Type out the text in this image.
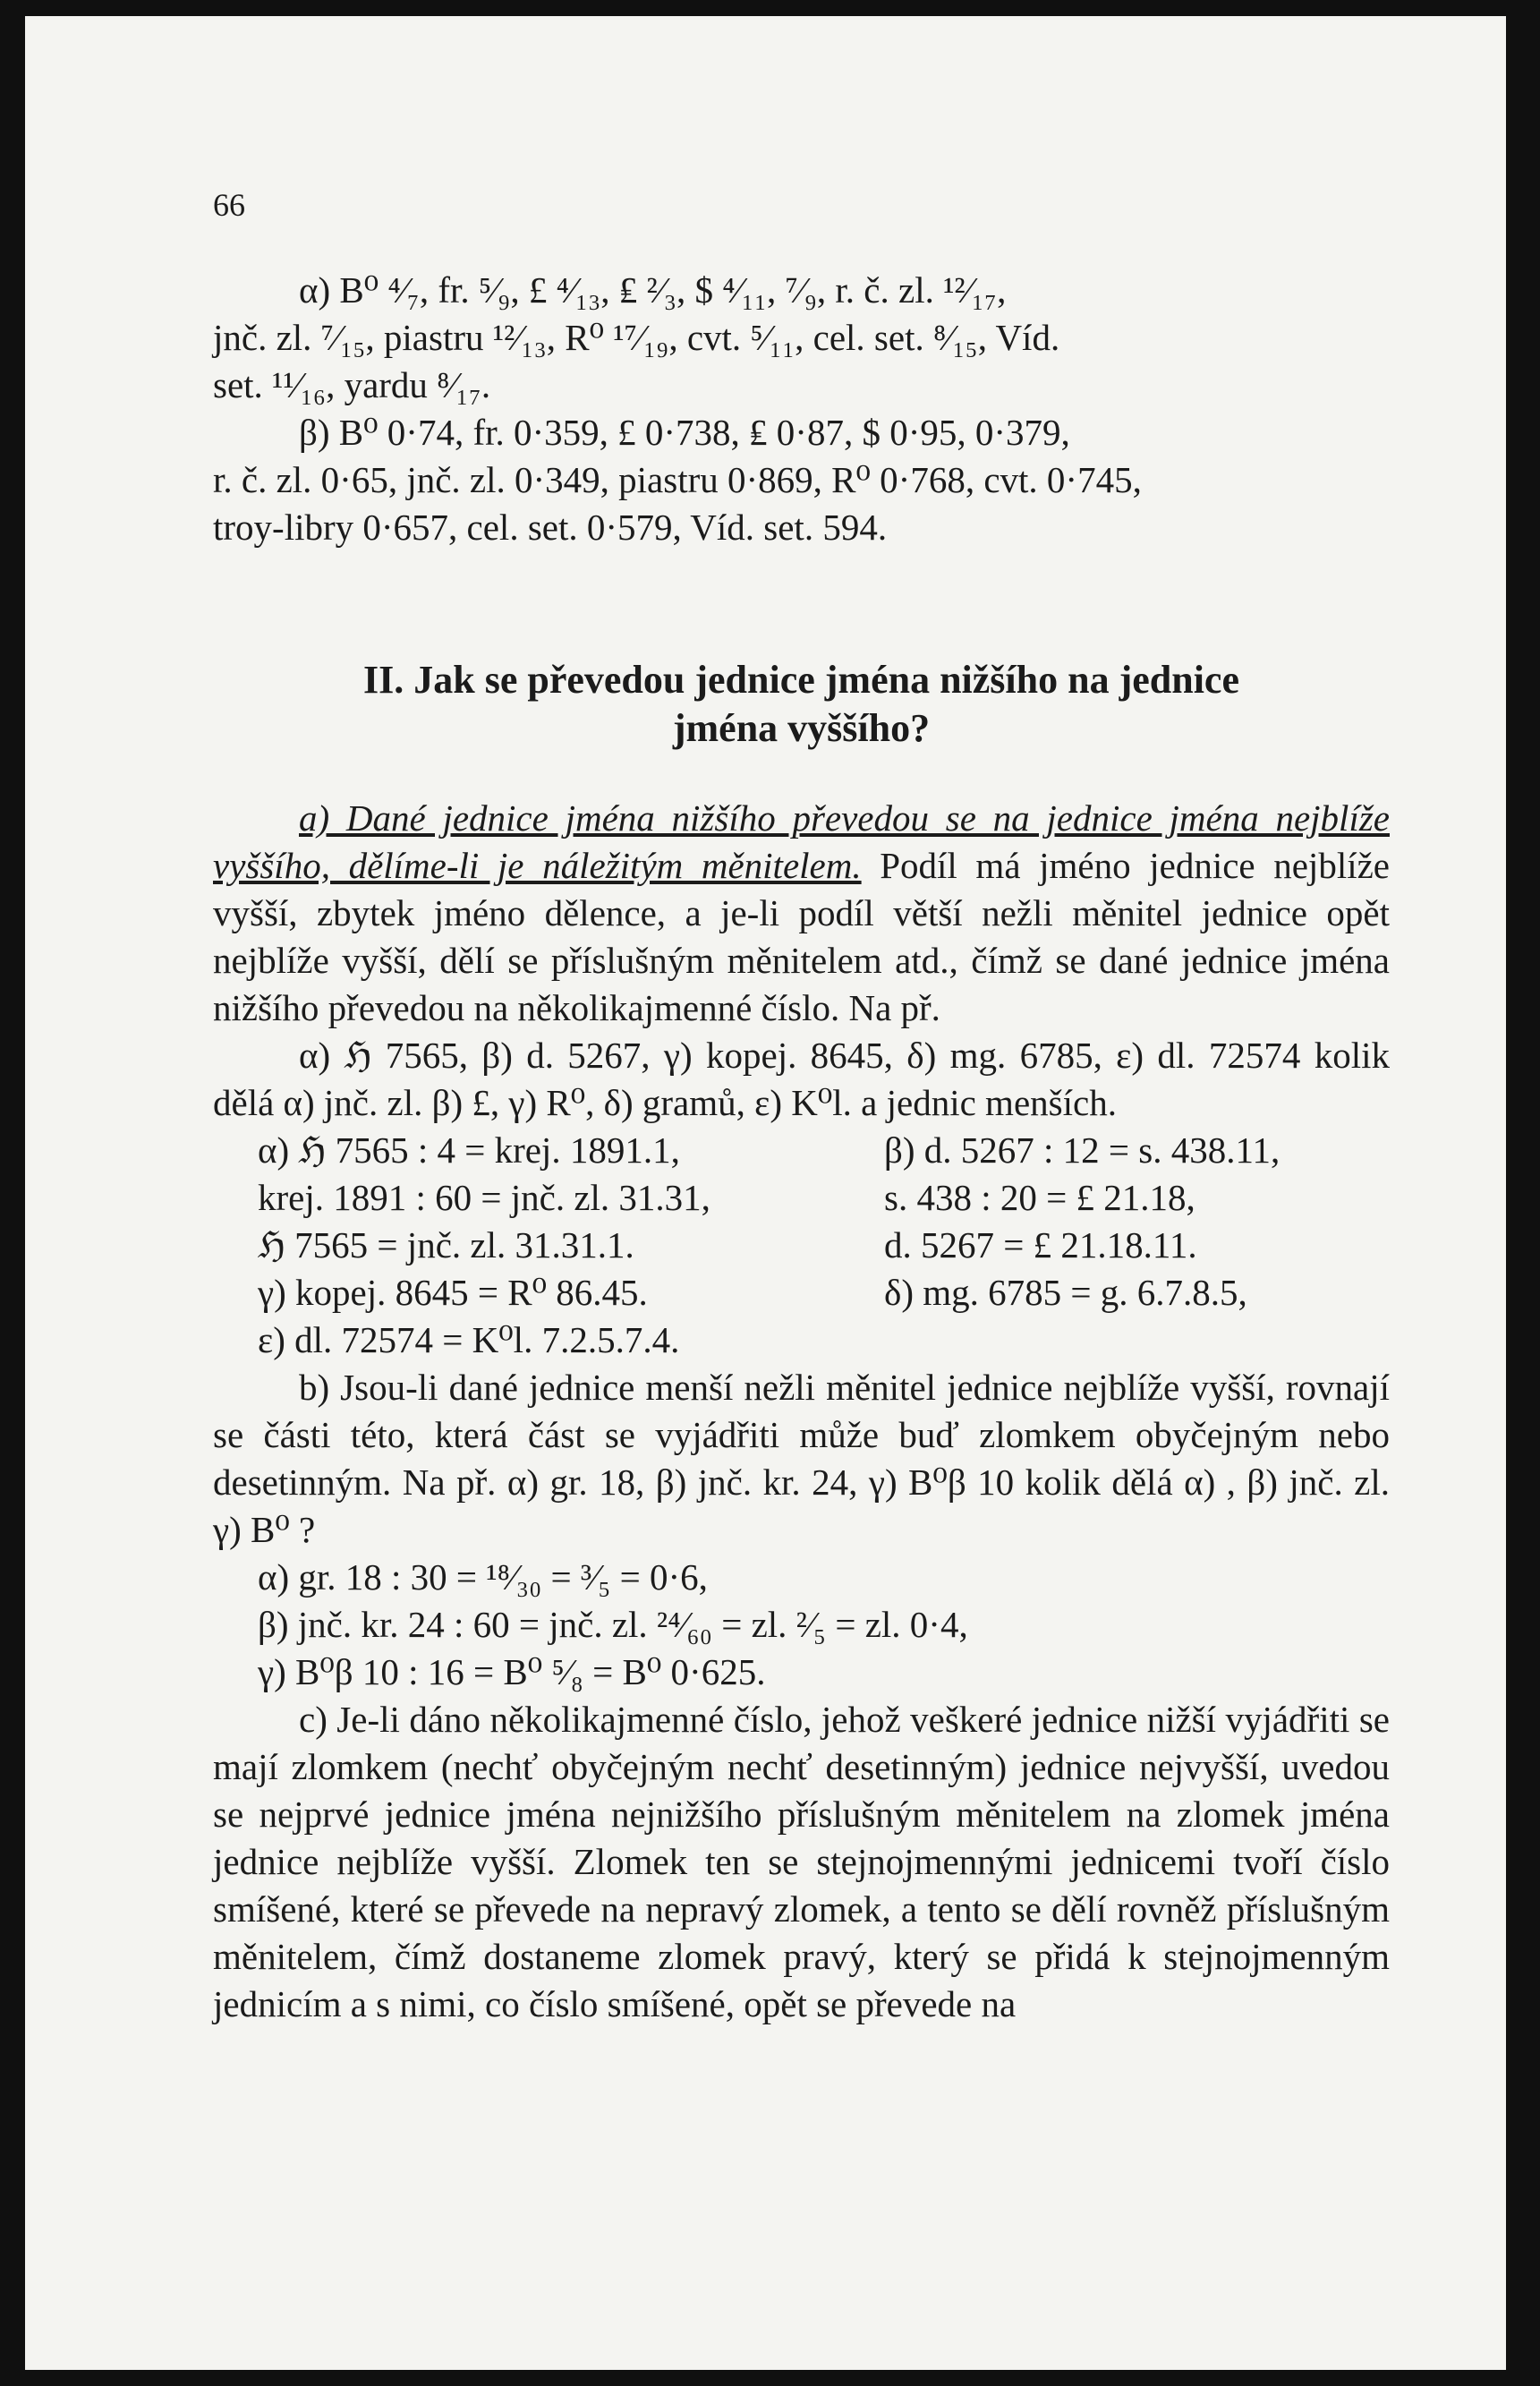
66

α) B⁰ ⁴⁄₇, fr. ⁵⁄₉, £ ⁴⁄₁₃, ₤ ²⁄₃, $ ⁴⁄₁₁, ⁷⁄₉, r. č. zl. ¹²⁄₁₇,

jnč. zl. ⁷⁄₁₅, piastru ¹²⁄₁₃, R⁰ ¹⁷⁄₁₉, cvt. ⁵⁄₁₁, cel. set. ⁸⁄₁₅, Víd.

set. ¹¹⁄₁₆, yardu ⁸⁄₁₇.

β) B⁰ 0·74, fr. 0·359, £ 0·738, ₤ 0·87, $ 0·95, 0·379,

r. č. zl. 0·65, jnč. zl. 0·349, piastru 0·869, R⁰ 0·768, cvt. 0·745,

troy-libry 0·657, cel. set. 0·579, Víd. set. 594.

II. Jak se převedou jednice jména nižšího na jednice
jména vyššího?

a) Dané jednice jména nižšího převedou se na jednice jména nejblíže vyššího, dělíme-li je náležitým měnitelem. Podíl má jméno jednice nejblíže vyšší, zbytek jméno dělence, a je-li podíl větší nežli měnitel jednice opět nejblíže vyšší, dělí se příslušným měnitelem atd., čímž se dané jednice jména nižšího převedou na několikajmenné číslo. Na př.

α) ℌ 7565, β) d. 5267, γ) kopej. 8645, δ) mg. 6785, ε) dl. 72574 kolik dělá α) jnč. zl. β) £, γ) R⁰, δ) gramů, ε) K⁰l. a jednic menších.

α) ℌ 7565 : 4 = krej. 1891.1,	β) d. 5267 : 12 = s. 438.11,
krej. 1891 : 60 = jnč. zl. 31.31,	s. 438 : 20 = £ 21.18,
ℌ 7565 = jnč. zl. 31.31.1.	d. 5267 = £ 21.18.11.
γ) kopej. 8645 = R⁰ 86.45.	δ) mg. 6785 = g. 6.7.8.5,
ε) dl. 72574 = K⁰l. 7.2.5.7.4.

b) Jsou-li dané jednice menší nežli měnitel jednice nejblíže vyšší, rovnají se části této, která část se vyjádřiti může buď zlomkem obyčejným nebo desetinným. Na př. α) gr. 18, β) jnč. kr. 24, γ) B⁰β 10 kolik dělá α) , β) jnč. zl. γ) B⁰ ?

α) gr. 18 : 30 = ¹⁸⁄₃₀ = ³⁄₅ = 0·6,
β) jnč. kr. 24 : 60 = jnč. zl. ²⁴⁄₆₀ = zl. ²⁄₅ = zl. 0·4,
γ) B⁰β 10 : 16 = B⁰ ⁵⁄₈ = B⁰ 0·625.

c) Je-li dáno několikajmenné číslo, jehož veškeré jednice nižší vyjádřiti se mají zlomkem (nechť obyčejným nechť desetinným) jednice nejvyšší, uvedou se nejprvé jednice jména nejnižšího příslušným měnitelem na zlomek jména jednice nejblíže vyšší. Zlomek ten se stejnojmennými jednicemi tvoří číslo smíšené, které se převede na nepravý zlomek, a tento se dělí rovněž příslušným měnitelem, čímž dostaneme zlomek pravý, který se přidá k stejnojmenným jednicím a s nimi, co číslo smíšené, opět se převede na
